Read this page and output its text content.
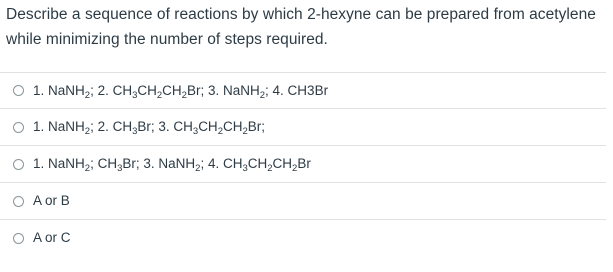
Describe a sequence of reactions by which 2-hexyne can be prepared from acetylene while minimizing the number of steps required.
1. NaNH$_2$; 2. $CH_3CH_2CH_2Br$; 3. NaNH$_2$; 4. CH3Br
1. NaNH$_2$; 2. $CH_3Br$; 3. $CH_3CH_2CH_2Br$;
1. NaNH$_2$; $CH_3Br$; 3. NaNH$_2$; 4. $CH_3CH_2CH_2Br$
A or B
A or C
